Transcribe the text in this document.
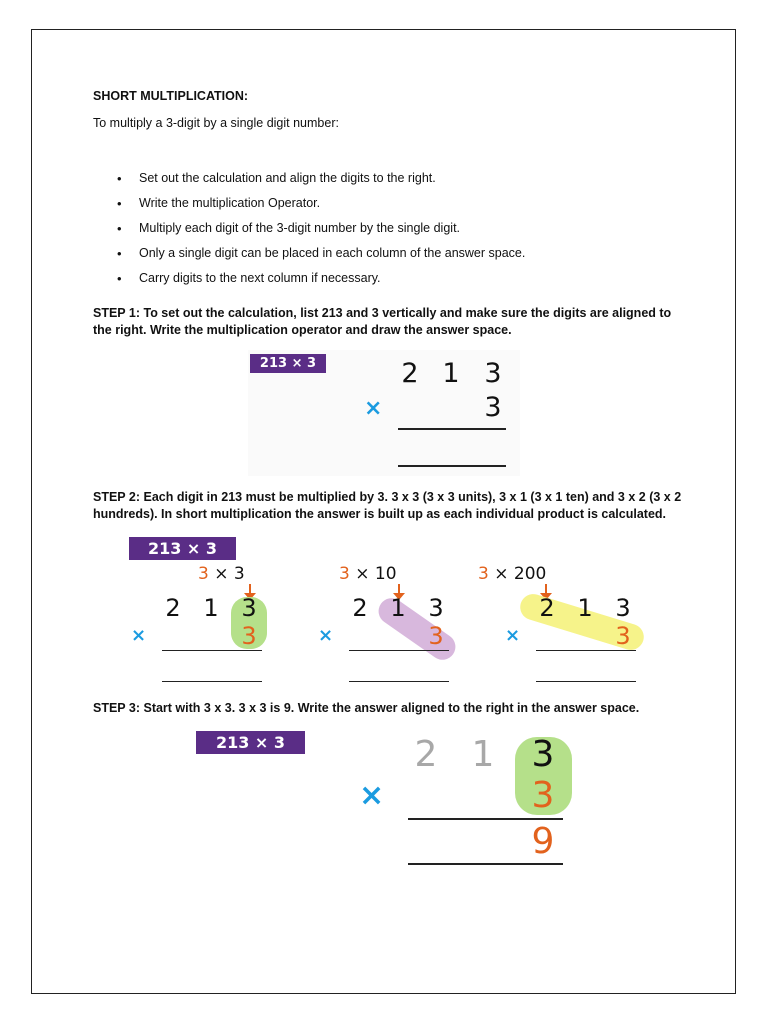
SHORT MULTIPLICATION:
To multiply a 3-digit by a single digit number:
• Set out the calculation and align the digits to the right.
• Write the multiplication Operator.
• Multiply each digit of the 3-digit number by the single digit.
• Only a single digit can be placed in each column of the answer space.
• Carry digits to the next column if necessary.
STEP 1: To set out the calculation, list 213 and 3 vertically and make sure the digits are aligned to
the right. Write the multiplication operator and draw the answer space.
213 × 3	2 1 3
×	3
STEP 2: Each digit in 213 must be multiplied by 3. 3 x 3 (3 x 3 units), 3 x 1 (3 x 1 ten) and 3 x 2 (3 x 2
hundreds). In short multiplication the answer is built up as each individual product is calculated.
213 × 3
3 × 3
2 1 3
×	3
3 × 10
2 1 3
×	3
3 × 200
2 1 3
×	3
STEP 3: Start with 3 x 3. 3 x 3 is 9. Write the answer aligned to the right in the answer space.
213 × 3	2 1 3
×	3
9
